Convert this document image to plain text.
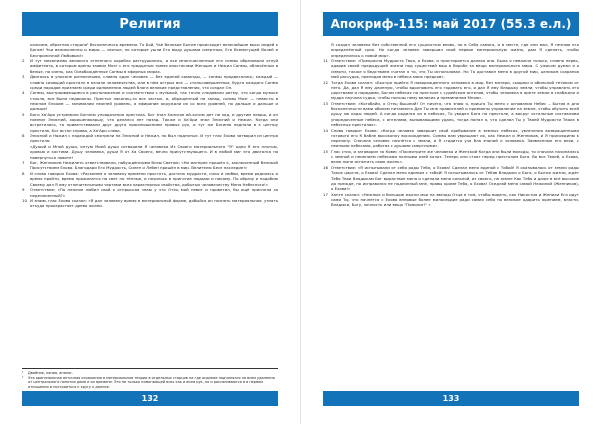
Религия
количем, обратная сторона¹ бесконечного времени. То Бой, Чьё Великое Бытие происходит величайшие выси людей к Богам! Чьи великолепны и миры — святые, но которые ушли Его выду душами смертных, Его Всемогущей Волей и Бесприличной Любовью!»
2	И тут механизмы великого огненного корабля раструшились, и все многочисленные его сонмы образовали огнуй амфитеатр, в котором арены заявил Мозг с его тридцатью тремя ипостасями Женщин и Нежил Сонмы, облачённых в белые, но очень, как Освобождённые Сонмы в эфирных мирах.
3	Двигаясь в унисоне ритмичными, словно один человек — без единой команды, — сонмы продвигались; каждый — словно сияющий кристалл в начале человечества, или в нём острых все — стольсовершенныя, будто каждого Сонма среди народов признаем среди одновнения людей блага великие представления, что создал Он.
4	Сонмы, выстраивающиеся в расположение и соответствии с музыкой, так точно следовали ритму, что когда музыке стихла, все были недвижны. Престол наконец-то все застыл, и, обращённый на запад, сонмы Мозг — невесты в нежном Елохим — занималии нежней уровень, а эфирание окружали их со всех уровней, по дальше и дальше и дальше!
5	Боги Ха'Ари устремили Богиню упоядочения престола. Бог знал Ханское ай-хотим дет на ход, и другим неарш, и он помнил Элисний, хорошенакаршу, что делался лет назад. Также и Ха'Ари знал Элисний и Нежил. Когда они встретились, то приветствовали друг друга произношением правых рук, и тут же Богиню подняли в к центру престола, Бог встал справа, а Ха'Ари слева.
6	Элисний и Нажил с надеждой смотрели на Элисний и Нежил, но был поднятые. И тут глас Ехова затворил из центра престола:
«Душой и Мной души, оптую Моей души сотворили Я человека Из Своего материального "Я" одно Я его плотью, кровью и костями. Душу человека, души Я от Ха Своего, вечно присутствующего. И в любой миг его двигался по повернуться ловите!
7	Бог, Женником Нежилеть отвитствовали, побуждёнными Всею Светою: «Ни матерее пришёл к, заключенный Великой Присутствием Ехова. Благодари Его Мудрость, Силен и Лебен пришёл в мир. Велителю Бесе наследие!»
8	И снова говорил Ехова: «Раскинем я человеку времени простоть, достичь мудрости, силы и любви, время родилась и время пройти, время прожилатся на свет по тёплые, и почилось в приготие людьми и никому. По образу и подобию Своему дал Я ему отличительными чертами всех характерных свойства, добытых человечеству Меня Небесного!»
9	Ответствие: «По нежное любил свой к отпрыская знаю у что Отец мой невит и приветил, бы ещё приспела за неделиненный?»
10 И знамь глас Ехова сказал: «Я дал человеку время в материальной форме, добыйся он познать материальное, узнать откуда произрастает древо жизни.
¹ Двойник, копия, аналог.
² Эта оригинальная античная отражения в материальном теории в отдельных старцов на где осдиние подчинялся по всем удаления от центрального понятия дома и их времени. Это не только помогающей всех как и всем рук, но и рассаливаются в в первом отношения и построиться к кругу к данное.
132
Апокриф-115: май 2017 (55.3 е.л.)
Я создал человека без собственной его сущностью вновь, но в Себя самого, и в месте, где они мал, Я незнаю его определённый срок. Но когда человек завершил свой первое материальную жизнь, дам Я сделать, чтобы определилось к новой мир».
11 Ответствие: «Прекрасна Мудрость Твоя, о Ехова, и простирается далеко она. Была я неважно только, словно нервь, одарив своей предыдущей жизни под существий ваш в борьбе за вещи материального мира. С ужасом думал я о смерти, также я бедствием считал я то, что Ты использовал. Но То доставил меня в другой мир, целиком сохраняя мой рассудок, преподав меня в нёбеса моих предков».
12 Тогда Ехова сказал: «Быстра прийти Я новорожденного человека в мир, без матери, сыщики и обильной тетиком от него. Да, дал Я ему длинную, чтобы вдохновить его годовать его, и дал Я ему Владыку земли, чтобы управлять его царствами и народами, Богом небесах на престоле с судейском ангелов, чтобы человека в ярете земли в снабжали и мудра научала судьи, чтобы пользы нему великих и премининем Мною».
13 Ответствие: «Когобайи, о Отец Вышний! От ничего, что знаю я, приш'я Ты меня с основания Небес ‒ Бытия в дня бесконечности вами обилем питаемого Дал Ты мне правителей и приемены управление на земле, чтобы обучить всей душу эю кады людей. А когда родился он в небесах, То увидел Бога на престоле, а вокруг остальные составлями упоредоченные небеса, с ангелами, вызывающими удаль, тогда понял я, что сделал Ты у Твоей Мудрости Твоих в небесных престолах».
14 Снова говорит Ехова: «Когда человек завершит свой пребывание в земных небесах, увлечения возвращенными готового его К бабле высоконку восхождению. Сонмы вам увращают их, как Нежил и Женников, и Я присоединю к перезону. Сначала человек начнётся с земли, и Я сгодится уча бла знаний о человека. Заявленные его вехи, с неиными небесами, работах с душами смертными».
15 Глас стих, и заговорил за Ковес «Посмотрите же человека и Женский Когда они были молоды, то сначала начиналась с земной и неиннием небесами полными озей колоз. Теперь они стоят перед престолом Бога. Во все Твоей, о Ехова, велю ныне испытать свою жизнь».
16 Ответствие: «Я испытывали от себя рады Тебя, о Ехова! Сделал меня единой с Тобой! Я оказывалось от земли рады Таких царств, о Ехова! Сделал меня единым с тобой! Я испытывалось от Тебяв Владыки о Бога, о Бытия жизни, ждёт Тебя Твои Владыкам Бог выраствие меня и сделали меня сильной, из своего, на земле Как Тебя и даже в всё высокие до прежде, но исправился не подлинный мне, нравы кроме Тебя, о Ехова! Оседлай меня самой Нежилой (Женников), о Ехова!»
17 Ханте сказал: «Нежные и большие мысли мои на звезды Отца в том, чтобы видеть, как Никостия и Женики Его идут сами Ты, что начнётся с Ехова впервые более милосердие ради самих себя по великое одарить жрением, власти, Владыки, Богу, личность или вещь "Помолиг!" »
133
